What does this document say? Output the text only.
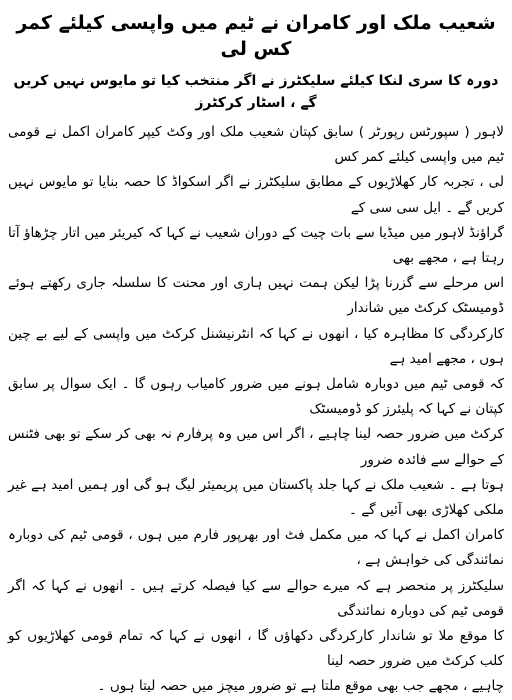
شعیب ملک اور کامران نے ٹیم میں واپسی کیلئے کمر کس لی
دورہ کا سری لنکا کیلئے سلیکٹرز نے اگر منتخب کیا تو مایوس نہیں کریں گے ، اسٹار کرکٹرز

لاہور ( سپورٹس رپورٹر ) سابق کپتان شعیب ملک اور وکٹ کیپر کامران اکمل نے قومی ٹیم میں واپسی کیلئے کمر کس

لی ، تجربہ کار کھلاڑیوں کے مطابق سلیکٹرز نے اگر اسکواڈ کا حصہ بنایا تو مایوس نہیں کریں گے ۔ ایل سی سی کے

گراؤنڈ لاہور میں میڈیا سے بات چیت کے دوران شعیب نے کہا کہ کیریئر میں اتار چڑھاؤ آتا رہتا ہے ، مجھے بھی

اس مرحلے سے گزرنا پڑا لیکن ہمت نہیں ہاری اور محنت کا سلسلہ جاری رکھتے ہوئے ڈومیسٹک کرکٹ میں شاندار

کارکردگی کا مظاہرہ کیا ، انھوں نے کہا کہ انٹرنیشنل کرکٹ میں واپسی کے لیے بے چین ہوں ، مجھے امید ہے

کہ قومی ٹیم میں دوبارہ شامل ہونے میں ضرور کامیاب رہوں گا ۔ ایک سوال پر سابق کپتان نے کہا کہ پلیئرز کو ڈومیسٹک

کرکٹ میں ضرور حصہ لینا چاہیے ، اگر اس میں وہ پرفارم نہ بھی کر سکے تو بھی فٹنس کے حوالے سے فائدہ ضرور

ہوتا ہے ۔ شعیب ملک نے کہا جلد پاکستان میں پریمیئر لیگ ہو گی اور ہمیں امید ہے غیر ملکی کھلاڑی بھی آئیں گے ۔

کامران اکمل نے کہا کہ میں مکمل فٹ اور بھرپور فارم میں ہوں ، قومی ٹیم کی دوبارہ نمائندگی کی خواہش ہے ،

سلیکٹرز پر منحصر ہے کہ میرے حوالے سے کیا فیصلہ کرتے ہیں ۔ انھوں نے کہا کہ اگر قومی ٹیم کی دوبارہ نمائندگی

کا موقع ملا تو شاندار کارکردگی دکھاؤں گا ، انھوں نے کہا کہ تمام قومی کھلاڑیوں کو کلب کرکٹ میں ضرور حصہ لینا

چاہیے ، مجھے جب بھی موقع ملتا ہے تو ضرور میچز میں حصہ لیتا ہوں ۔
